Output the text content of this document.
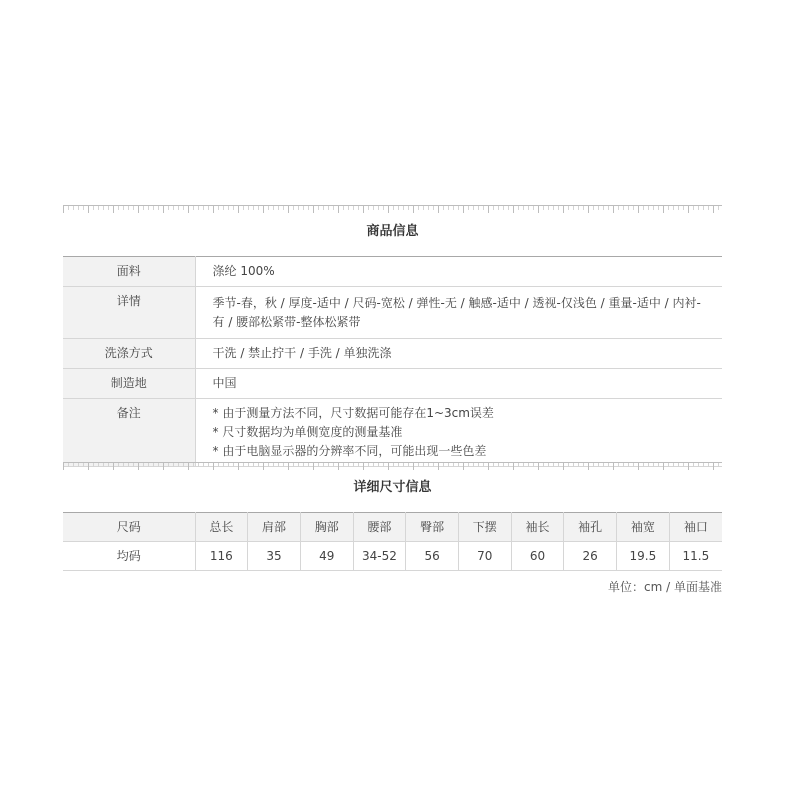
商品信息
面料	涤纶 100%

详情	季节-春，秋 / 厚度-适中 / 尺码-宽松 / 弹性-无 / 触感-适中 / 透视-仅浅色 / 重量-适中 / 内衬-有 / 腰部松紧带-整体松紧带

洗涤方式	干洗 / 禁止拧干 / 手洗 / 单独洗涤

制造地	中国

备注	* 由于测量方法不同，尺寸数据可能存在1~3cm误差
* 尺寸数据均为单侧宽度的测量基准
* 由于电脑显示器的分辨率不同，可能出现一些色差
详细尺寸信息
尺码	总长	肩部	胸部	腰部	臀部	下摆	袖长	袖孔	袖宽	袖口
均码	116	35	49	34-52	56	70	60	26	19.5	11.5
单位：cm / 单面基准
